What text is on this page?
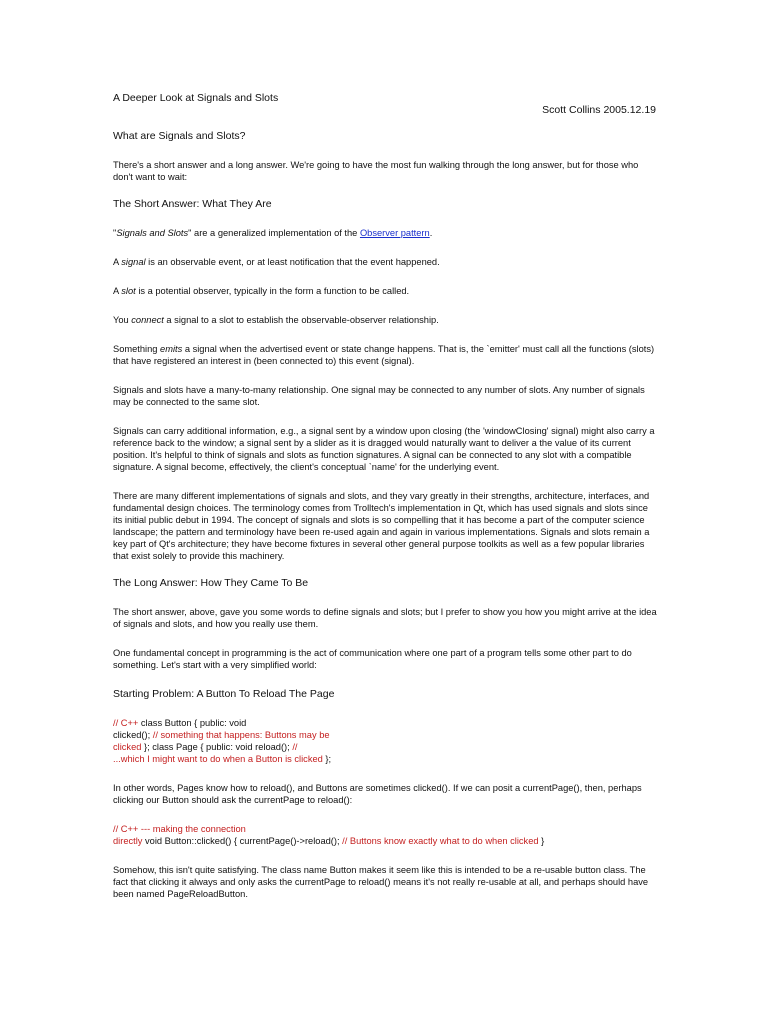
A Deeper Look at Signals and Slots
Scott Collins 2005.12.19

What are Signals and Slots?

There's a short answer and a long answer. We're going to have the most fun walking through the long answer, but for those who don't want to wait:

The Short Answer: What They Are

"Signals and Slots" are a generalized implementation of the Observer pattern.

A signal is an observable event, or at least notification that the event happened.

A slot is a potential observer, typically in the form a function to be called.

You connect a signal to a slot to establish the observable-observer relationship.

Something emits a signal when the advertised event or state change happens. That is, the `emitter' must call all the functions (slots) that have registered an interest in (been connected to) this event (signal).

Signals and slots have a many-to-many relationship. One signal may be connected to any number of slots. Any number of signals may be connected to the same slot.

Signals can carry additional information, e.g., a signal sent by a window upon closing (the 'windowClosing' signal) might also carry a reference back to the window; a signal sent by a slider as it is dragged would naturally want to deliver a the value of its current position. It's helpful to think of signals and slots as function signatures. A signal can be connected to any slot with a compatible signature. A signal become, effectively, the client's conceptual `name' for the underlying event.

There are many different implementations of signals and slots, and they vary greatly in their strengths, architecture, interfaces, and fundamental design choices. The terminology comes from Trolltech's implementation in Qt, which has used signals and slots since its initial public debut in 1994. The concept of signals and slots is so compelling that it has become a part of the computer science landscape; the pattern and terminology have been re-used again and again in various implementations. Signals and slots remain a key part of Qt's architecture; they have become fixtures in several other general purpose toolkits as well as a few popular libraries that exist solely to provide this machinery.

The Long Answer: How They Came To Be

The short answer, above, gave you some words to define signals and slots; but I prefer to show you how you might arrive at the idea of signals and slots, and how you really use them.

One fundamental concept in programming is the act of communication where one part of a program tells some other part to do something. Let's start with a very simplified world:

Starting Problem: A Button To Reload The Page

// C++ class Button { public: void
clicked(); // something that happens: Buttons may be
clicked }; class Page { public: void reload(); //
...which I might want to do when a Button is clicked };

In other words, Pages know how to reload(), and Buttons are sometimes clicked(). If we can posit a currentPage(), then, perhaps clicking our Button should ask the currentPage to reload():

// C++ --- making the connection
directly void Button::clicked() { currentPage()->reload(); // Buttons know exactly what to do when clicked }

Somehow, this isn't quite satisfying. The class name Button makes it seem like this is intended to be a re-usable button class. The fact that clicking it always and only asks the currentPage to reload() means it's not really re-usable at all, and perhaps should have been named PageReloadButton.
